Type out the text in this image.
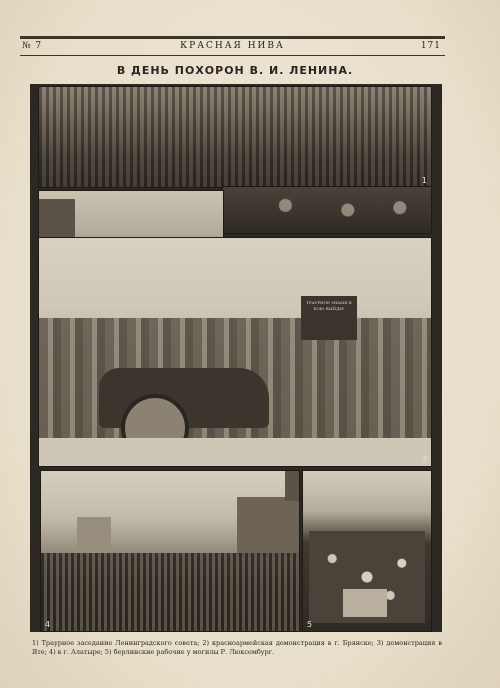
№ 7	КРАСНАЯ НИВА	171
В ДЕНЬ ПОХОРОН В. И. ЛЕНИНА.
1
ТРАУРНОЕ ЗНАМЯ К БОЮ ВЫЙДИ!
3
4	5
1) Траурное заседание Ленинградского совета; 2) красноармейская демонстрация в г. Брянске; 3) демонстрация в Яте; 4) в г. Алатыре; 5) берлинские рабочие у могилы Р. Люксембург.
